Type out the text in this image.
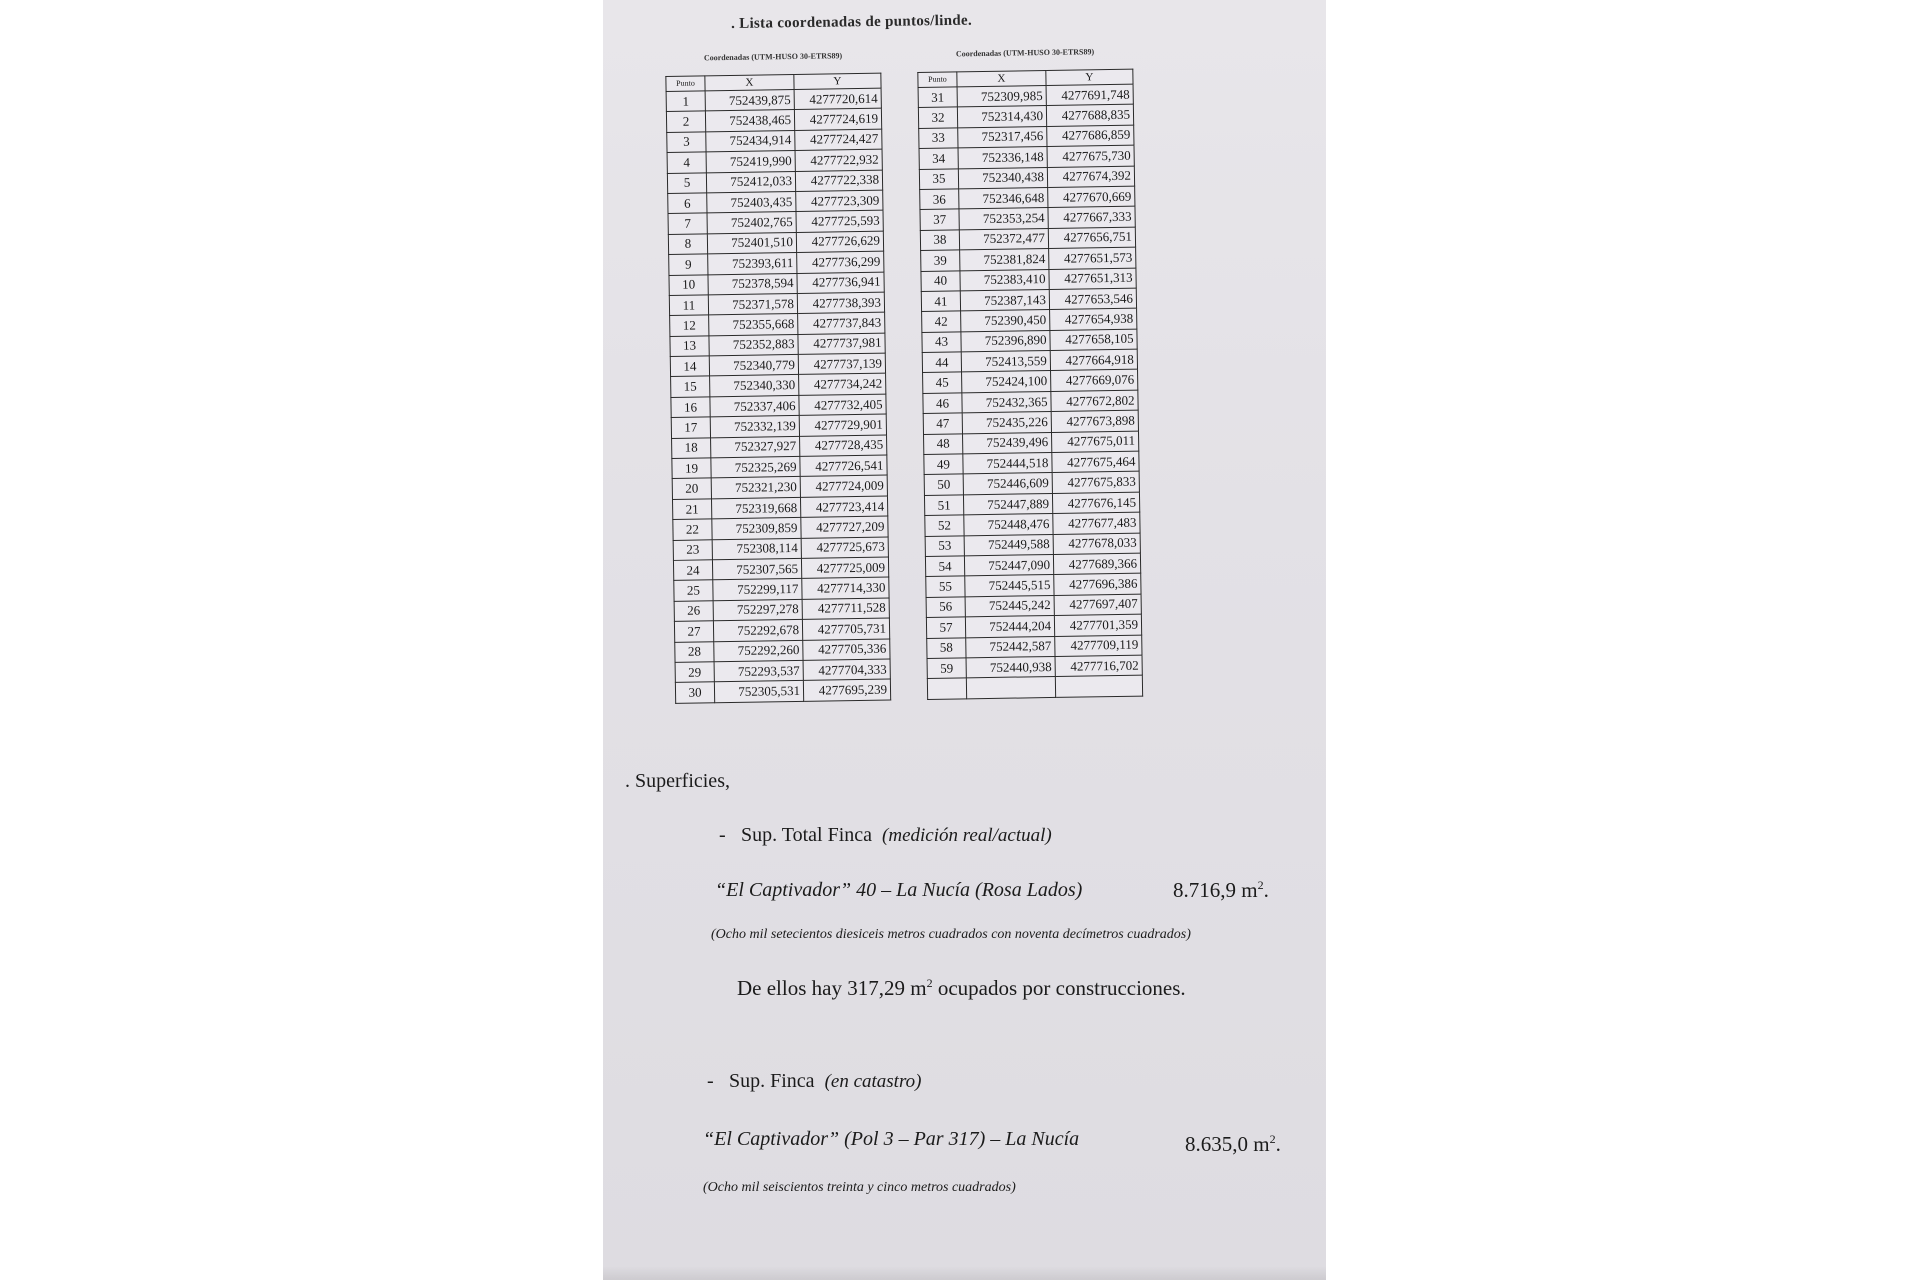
. Lista coordenadas de puntos/linde.
Coordenadas (UTM-HUSO 30-ETRS89)
Punto	X	Y
1	752439,875	4277720,614
2	752438,465	4277724,619
3	752434,914	4277724,427
4	752419,990	4277722,932
5	752412,033	4277722,338
6	752403,435	4277723,309
7	752402,765	4277725,593
8	752401,510	4277726,629
9	752393,611	4277736,299
10	752378,594	4277736,941
11	752371,578	4277738,393
12	752355,668	4277737,843
13	752352,883	4277737,981
14	752340,779	4277737,139
15	752340,330	4277734,242
16	752337,406	4277732,405
17	752332,139	4277729,901
18	752327,927	4277728,435
19	752325,269	4277726,541
20	752321,230	4277724,009
21	752319,668	4277723,414
22	752309,859	4277727,209
23	752308,114	4277725,673
24	752307,565	4277725,009
25	752299,117	4277714,330
26	752297,278	4277711,528
27	752292,678	4277705,731
28	752292,260	4277705,336
29	752293,537	4277704,333
30	752305,531	4277695,239
Coordenadas (UTM-HUSO 30-ETRS89)
Punto	X	Y
31	752309,985	4277691,748
32	752314,430	4277688,835
33	752317,456	4277686,859
34	752336,148	4277675,730
35	752340,438	4277674,392
36	752346,648	4277670,669
37	752353,254	4277667,333
38	752372,477	4277656,751
39	752381,824	4277651,573
40	752383,410	4277651,313
41	752387,143	4277653,546
42	752390,450	4277654,938
43	752396,890	4277658,105
44	752413,559	4277664,918
45	752424,100	4277669,076
46	752432,365	4277672,802
47	752435,226	4277673,898
48	752439,496	4277675,011
49	752444,518	4277675,464
50	752446,609	4277675,833
51	752447,889	4277676,145
52	752448,476	4277677,483
53	752449,588	4277678,033
54	752447,090	4277689,366
55	752445,515	4277696,386
56	752445,242	4277697,407
57	752444,204	4277701,359
58	752442,587	4277709,119
59	752440,938	4277716,702

. Superficies,
- Sup. Total Finca (medición real/actual)
“El Captivador” 40 – La Nucía (Rosa Lados)	8.716,9 $m^2$.
(Ocho mil setecientos diesiceis metros cuadrados con noventa decímetros cuadrados)
De ellos hay 317,29 $m^2$ ocupados por construcciones.
- Sup. Finca (en catastro)
“El Captivador” (Pol 3 – Par 317) – La Nucía	8.635,0 $m^2$.
(Ocho mil seiscientos treinta y cinco metros cuadrados)
